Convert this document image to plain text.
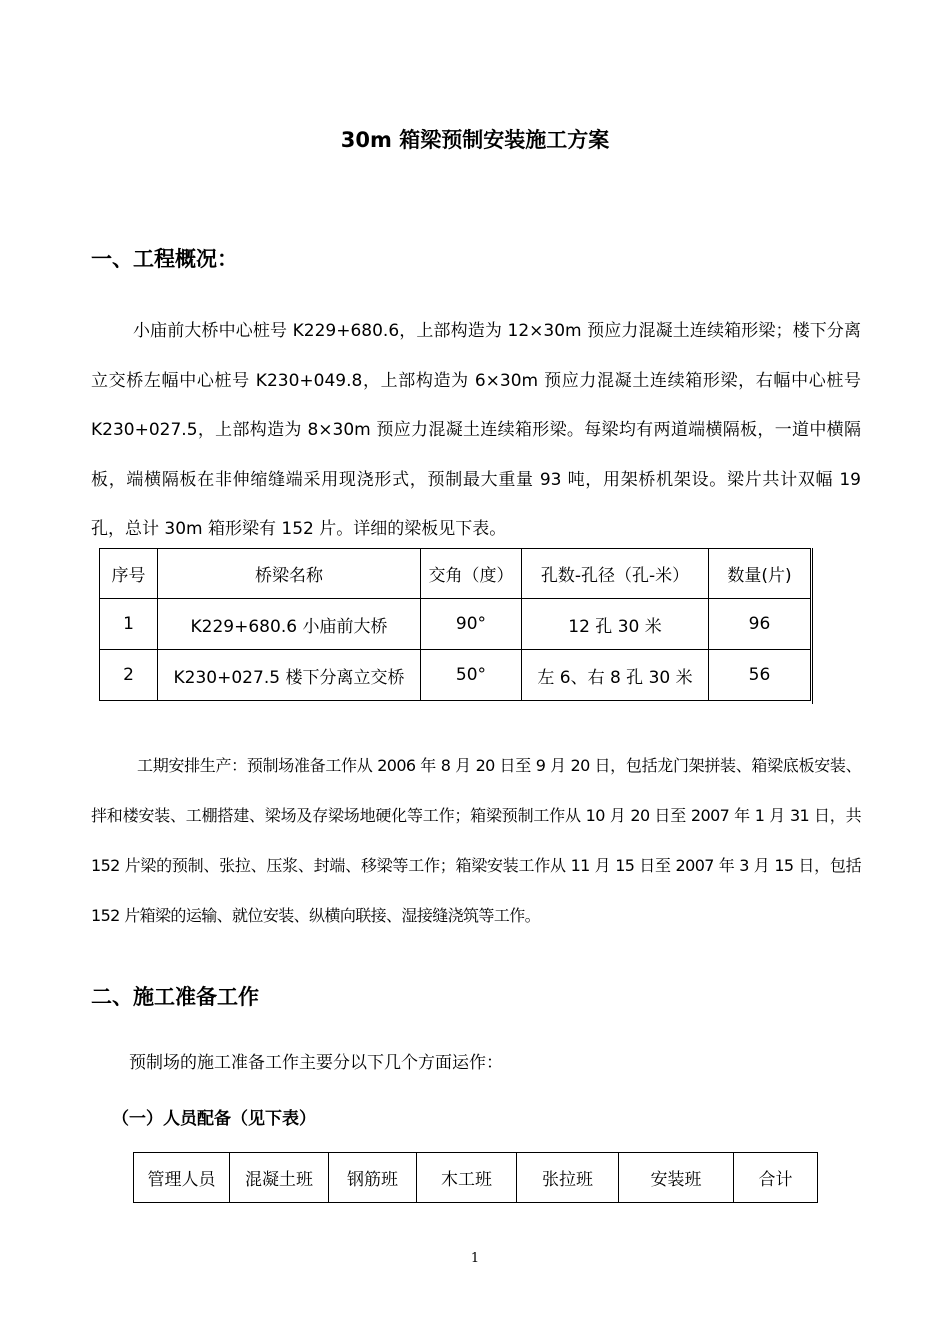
30m 箱梁预制安装施工方案
一、工程概况：
小庙前大桥中心桩号 K229+680.6，上部构造为 12×30m 预应力混凝土连续箱形梁；楼下分离立交桥左幅中心桩号 K230+049.8，上部构造为 6×30m 预应力混凝土连续箱形梁，右幅中心桩号 K230+027.5，上部构造为 8×30m 预应力混凝土连续箱形梁。每梁均有两道端横隔板，一道中横隔板，端横隔板在非伸缩缝端采用现浇形式，预制最大重量 93 吨，用架桥机架设。梁片共计双幅 19 孔，总计 30m 箱形梁有 152 片。详细的梁板见下表。
序号	桥梁名称	交角（度）	孔数-孔径（孔-米）	数量(片)
1	K229+680.6 小庙前大桥	90°	12 孔 30 米	96
2	K230+027.5 楼下分离立交桥	50°	左 6、右 8 孔 30 米	56
工期安排生产：预制场准备工作从 2006 年 8 月 20 日至 9 月 20 日，包括龙门架拼装、箱梁底板安装、拌和楼安装、工棚搭建、梁场及存梁场地硬化等工作；箱梁预制工作从 10 月 20 日至 2007 年 1 月 31 日，共 152 片梁的预制、张拉、压浆、封端、移梁等工作；箱梁安装工作从 11 月 15 日至 2007 年 3 月 15 日，包括 152 片箱梁的运输、就位安装、纵横向联接、湿接缝浇筑等工作。
二、施工准备工作
预制场的施工准备工作主要分以下几个方面运作：
（一）人员配备（见下表）
管理人员	混凝土班	钢筋班	木工班	张拉班	安装班	合计
1
